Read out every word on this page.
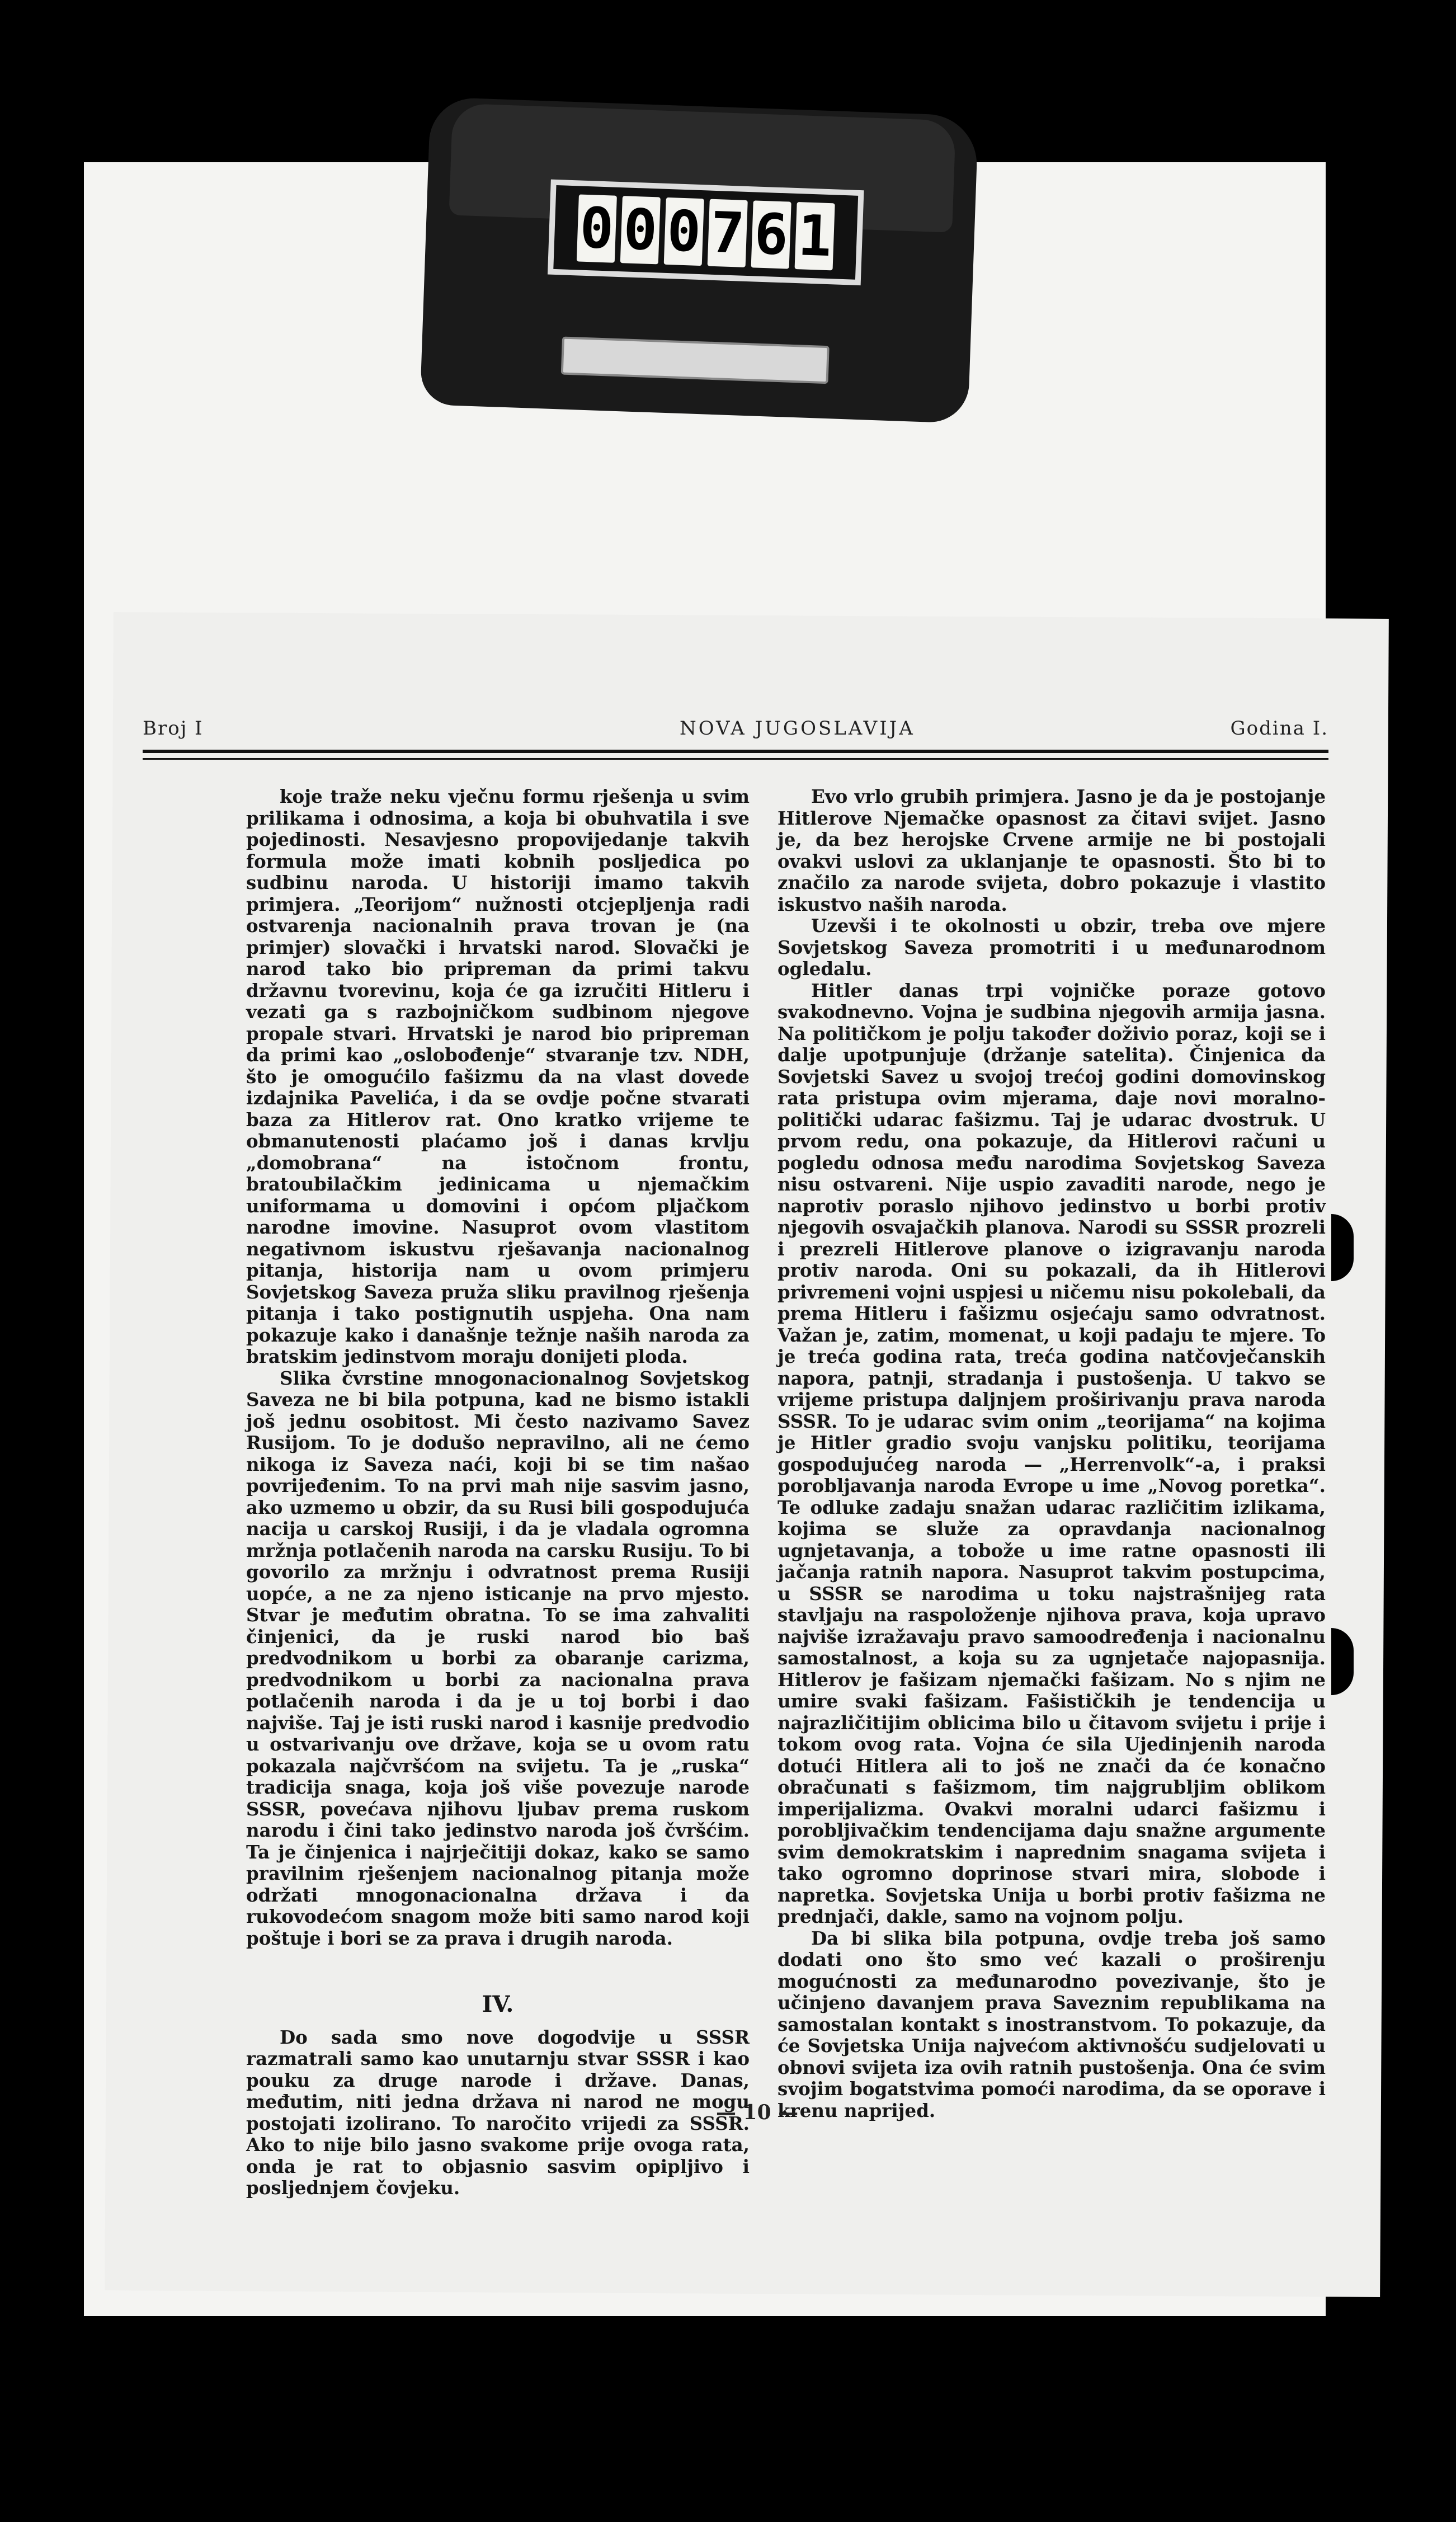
0 0 0 7 6 1
Broj I	NOVA JUGOSLAVIJA	Godina I.

koje traže neku vječnu formu rješenja u svim prilikama i odnosima, a koja bi obuhvatila i sve pojedinosti. Nesavjesno propovijedanje takvih formula može imati kobnih posljedica po sudbinu naroda. U historiji imamo takvih primjera. „Teorijom“ nužnosti otcjepljenja radi ostvarenja nacionalnih prava trovan je (na primjer) slovački i hrvatski narod. Slovački je narod tako bio pripreman da primi takvu državnu tvorevinu, koja će ga izručiti Hitleru i vezati ga s razbojničkom sudbinom njegove propale stvari. Hrvatski je narod bio pripreman da primi kao „oslobođenje“ stvaranje tzv. NDH, što je omogućilo fašizmu da na vlast dovede izdajnika Pavelića, i da se ovdje počne stvarati baza za Hitlerov rat. Ono kratko vrijeme te obmanutenosti plaćamo još i danas krvlju „domobrana“ na istočnom frontu, bratoubilačkim jedinicama u njemačkim uniformama u domovini i općom pljačkom narodne imovine. Nasuprot ovom vlastitom negativnom iskustvu rješavanja nacionalnog pitanja, historija nam u ovom primjeru Sovjetskog Saveza pruža sliku pravilnog rješenja pitanja i tako postignutih uspjeha. Ona nam pokazuje kako i današnje težnje naših naroda za bratskim jedinstvom moraju donijeti ploda.

Slika čvrstine mnogonacionalnog Sovjetskog Saveza ne bi bila potpuna, kad ne bismo istakli još jednu osobitost. Mi često nazivamo Savez Rusijom. To je dodušo nepravilno, ali ne ćemo nikoga iz Saveza naći, koji bi se tim našao povrijeđenim. To na prvi mah nije sasvim jasno, ako uzmemo u obzir, da su Rusi bili gospodujuća nacija u carskoj Rusiji, i da je vladala ogromna mržnja potlačenih naroda na carsku Rusiju. To bi govorilo za mržnju i odvratnost prema Rusiji uopće, a ne za njeno isticanje na prvo mjesto. Stvar je međutim obratna. To se ima zahvaliti činjenici, da je ruski narod bio baš predvodnikom u borbi za obaranje carizma, predvodnikom u borbi za nacionalna prava potlačenih naroda i da je u toj borbi i dao najviše. Taj je isti ruski narod i kasnije predvodio u ostvarivanju ove države, koja se u ovom ratu pokazala najčvršćom na svijetu. Ta je „ruska“ tradicija snaga, koja još više povezuje narode SSSR, povećava njihovu ljubav prema ruskom narodu i čini tako jedinstvo naroda još čvršćim. Ta je činjenica i najrječitiji dokaz, kako se samo pravilnim rješenjem nacionalnog pitanja može održati mnogonacionalna država i da rukovodećom snagom može biti samo narod koji poštuje i bori se za prava i drugih naroda.

IV.

Do sada smo nove dogodvije u SSSR razmatrali samo kao unutarnju stvar SSSR i kao pouku za druge narode i države. Danas, međutim, niti jedna država ni narod ne mogu postojati izolirano. To naročito vrijedi za SSSR. Ako to nije bilo jasno svakome prije ovoga rata, onda je rat to objasnio sasvim opipljivo i posljednjem čovjeku.

Evo vrlo grubih primjera. Jasno je da je postojanje Hitlerove Njemačke opasnost za čitavi svijet. Jasno je, da bez herojske Crvene armije ne bi postojali ovakvi uslovi za uklanjanje te opasnosti. Što bi to značilo za narode svijeta, dobro pokazuje i vlastito iskustvo naših naroda.

Uzevši i te okolnosti u obzir, treba ove mjere Sovjetskog Saveza promotriti i u međunarodnom ogledalu.

Hitler danas trpi vojničke poraze gotovo svakodnevno. Vojna je sudbina njegovih armija jasna. Na političkom je polju također doživio poraz, koji se i dalje upotpunjuje (držanje satelita). Činjenica da Sovjetski Savez u svojoj trećoj godini domovinskog rata pristupa ovim mjerama, daje novi moralno-politički udarac fašizmu. Taj je udarac dvostruk. U prvom redu, ona pokazuje, da Hitlerovi računi u pogledu odnosa među narodima Sovjetskog Saveza nisu ostvareni. Nije uspio zavaditi narode, nego je naprotiv poraslo njihovo jedinstvo u borbi protiv njegovih osvajačkih planova. Narodi su SSSR prozreli i prezreli Hitlerove planove o izigravanju naroda protiv naroda. Oni su pokazali, da ih Hitlerovi privremeni vojni uspjesi u ničemu nisu pokolebali, da prema Hitleru i fašizmu osjećaju samo odvratnost. Važan je, zatim, momenat, u koji padaju te mjere. To je treća godina rata, treća godina natčovječanskih napora, patnji, stradanja i pustošenja. U takvo se vrijeme pristupa daljnjem proširivanju prava naroda SSSR. To je udarac svim onim „teorijama“ na kojima je Hitler gradio svoju vanjsku politiku, teorijama gospodujućeg naroda — „Herrenvolk“-a, i praksi porobljavanja naroda Evrope u ime „Novog poretka“. Te odluke zadaju snažan udarac različitim izlikama, kojima se služe za opravdanja nacionalnog ugnjetavanja, a tobože u ime ratne opasnosti ili jačanja ratnih napora. Nasuprot takvim postupcima, u SSSR se narodima u toku najstrašnijeg rata stavljaju na raspoloženje njihova prava, koja upravo najviše izražavaju pravo samoodređenja i nacionalnu samostalnost, a koja su za ugnjetače najopasnija. Hitlerov je fašizam njemački fašizam. No s njim ne umire svaki fašizam. Fašističkih je tendencija u najrazličitijim oblicima bilo u čitavom svijetu i prije i tokom ovog rata. Vojna će sila Ujedinjenih naroda dotući Hitlera ali to još ne znači da će konačno obračunati s fašizmom, tim najgrubljim oblikom imperijalizma. Ovakvi moralni udarci fašizmu i porobljivačkim tendencijama daju snažne argumente svim demokratskim i naprednim snagama svijeta i tako ogromno doprinose stvari mira, slobode i napretka. Sovjetska Unija u borbi protiv fašizma ne prednjači, dakle, samo na vojnom polju.

Da bi slika bila potpuna, ovdje treba još samo dodati ono što smo već kazali o proširenju mogućnosti za međunarodno povezivanje, što je učinjeno davanjem prava Saveznim republikama na samostalan kontakt s inostranstvom. To pokazuje, da će Sovjetska Unija najvećom aktivnošću sudjelovati u obnovi svijeta iza ovih ratnih pustošenja. Ona će svim svojim bogatstvima pomoći narodima, da se oporave i krenu naprijed.

— 10 —
